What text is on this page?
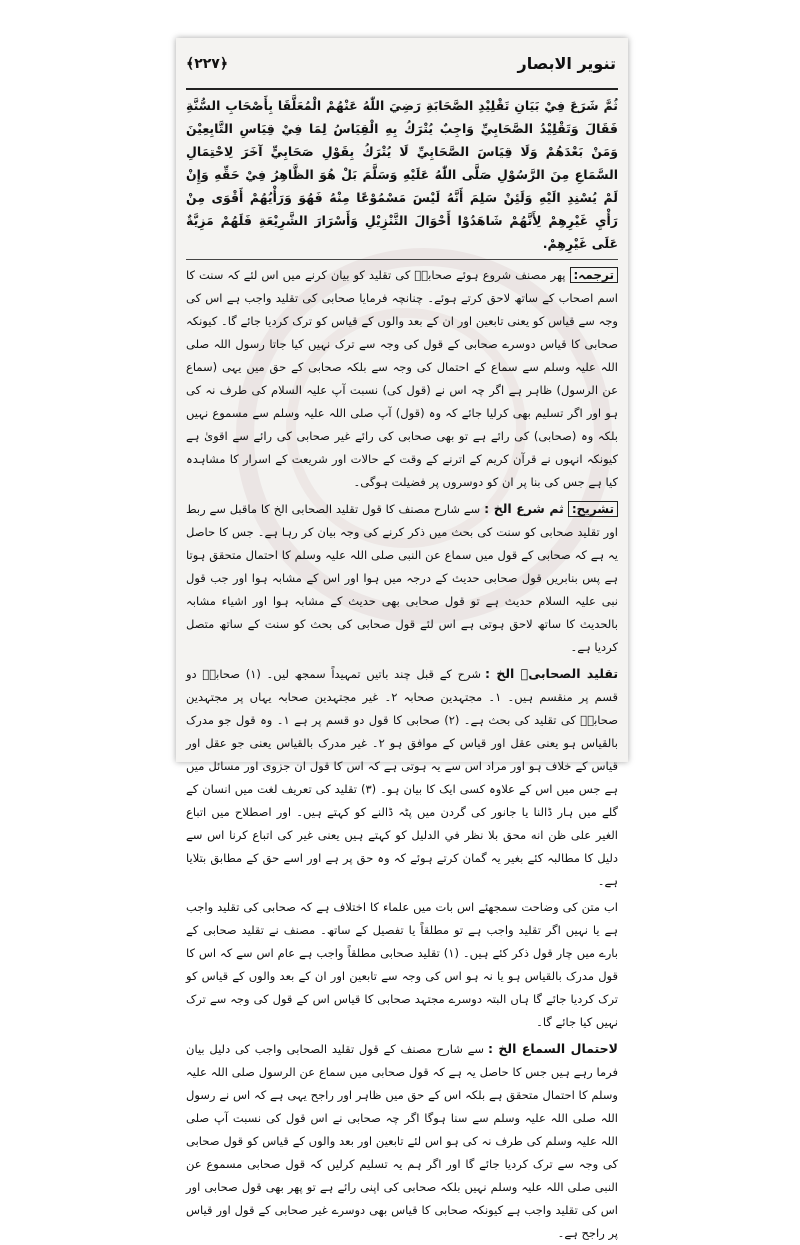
تنویر الابصار
﴾۲۲۷﴿

ثُمَّ شَرَعَ فِيْ بَيَانِ تَقْلِيْدِ الصَّحَابَةِ رَضِيَ اللّٰهُ عَنْهُمْ الْمُعَلَّقَا بِأَصْحَابِ السُّنَّةِ فَقَالَ وَتَقْلِيْدُ الصَّحَابِيِّ وَاجِبٌ يُتْرَكُ بِهِ الْقِيَاسُ لِمَا فِيْ قِيَاسِ التَّابِعِيْنَ وَمَنْ بَعْدَهُمْ وَلَا قِيَاسَ الصَّحَابِيِّ لَا يُتْرَكُ بِقَوْلِ صَحَابِيٍّ آخَرَ لِاحْتِمَالِ السَّمَاعِ مِنَ الرَّسُوْلِ صَلَّى اللّٰهُ عَلَيْهِ وَسَلَّمَ بَلْ هُوَ الظَّاهِرُ فِيْ حَقِّهِ وَإِنْ لَمْ يُسْنِدِ الَيْهِ وَلَئِنْ سَلِمَ أَنَّهُ لَيْسَ مَسْمُوْعًا مِنْهُ فَهُوَ وَرَأْيُهُمْ أَقْوَى مِنْ رَأْيِ غَيْرِهِمْ لِأَنَّهُمْ شَاهَدُوْا أَحْوَالَ التَّنْزِيْلِ وَأَسْرَارَ الشَّرِيْعَةِ فَلَهُمْ مَزِيَّةٌ عَلَى غَيْرِهِمْ.

ترجمہ:پھر مصنف شروع ہوئے صحابہؓ کی تقلید کو بیان کرنے میں اس لئے کہ سنت کا اسم اصحاب کے ساتھ لاحق کرتے ہوئے۔ چنانچہ فرمایا صحابی کی تقلید واجب ہے اس کی وجہ سے قیاس کو یعنی تابعین اور ان کے بعد والوں کے قیاس کو ترک کردیا جائے گا۔ کیونکہ صحابی کا قیاس دوسرے صحابی کے قول کی وجہ سے ترک نہیں کیا جاتا رسول اللہ صلی اللہ علیہ وسلم سے سماع کے احتمال کی وجہ سے بلکہ صحابی کے حق میں یہی (سماع عن الرسول) ظاہر ہے اگر چہ اس نے (قول کی) نسبت آپ علیہ السلام کی طرف نہ کی ہو اور اگر تسلیم بھی کرلیا جائے کہ وہ (قول) آپ صلی اللہ علیہ وسلم سے مسموع نہیں بلکہ وہ (صحابی) کی رائے ہے تو بھی صحابی کی رائے غیر صحابی کی رائے سے اقویٰ ہے کیونکہ انہوں نے قرآن کریم کے اترنے کے وقت کے حالات اور شریعت کے اسرار کا مشاہدہ کیا ہے جس کی بنا پر ان کو دوسروں پر فضیلت ہوگی۔

تشریح:ثم شرع الخ :سے شارح مصنف کا قول تقلید الصحابی الخ کا ماقبل سے ربط اور تقلید صحابی کو سنت کی بحث میں ذکر کرنے کی وجہ بیان کر رہا ہے۔ جس کا حاصل یہ ہے کہ صحابی کے قول میں سماع عن النبی صلی اللہ علیہ وسلم کا احتمال متحقق ہوتا ہے پس بنابریں قول صحابی حدیث کے درجہ میں ہوا اور اس کے مشابہ ہوا اور جب قول نبی علیہ السلام حدیث ہے تو قول صحابی بھی حدیث کے مشابہ ہوا اور اشیاء مشابہ بالحدیث کا ساتھ لاحق ہوتی ہے اس لئے قول صحابی کی بحث کو سنت کے ساتھ متصل کردیا ہے۔

تقلید الصحابیؓ الخ :شرح کے قبل چند باتیں تمہیداً سمجھ لیں۔ (۱) صحابہؓ دو قسم پر منقسم ہیں۔ ۱۔ مجتہدین صحابہ ۲۔ غیر مجتہدین صحابہ یہاں پر مجتہدین صحابہؓ کی تقلید کی بحث ہے۔ (۲) صحابی کا قول دو قسم پر ہے ۱۔ وہ قول جو مدرک بالقیاس ہو یعنی عقل اور قیاس کے موافق ہو ۲۔ غیر مدرک بالقیاس یعنی جو عقل اور قیاس کے خلاف ہو اور مراد اس سے یہ ہوتی ہے کہ اس کا قول ان جزوی اور مسائل میں ہے جس میں اس کے علاوہ کسی ایک کا بیان ہو۔ (۳) تقلید کی تعریف لغت میں انسان کے گلے میں ہار ڈالنا یا جانور کی گردن میں پٹہ ڈالنے کو کہتے ہیں۔ اور اصطلاح میں اتباع الغیر على ظن انه محق بلا نظر في الدليل کو کہتے ہیں یعنی غیر کی اتباع کرنا اس سے دلیل کا مطالبہ کئے بغیر یہ گمان کرتے ہوئے کہ وہ حق پر ہے اور اسے حق کے مطابق بتلایا ہے۔

اب متن کی وضاحت سمجھئے اس بات میں علماء کا اختلاف ہے کہ صحابی کی تقلید واجب ہے یا نہیں اگر تقلید واجب ہے تو مطلقاً یا تفصیل کے ساتھ۔ مصنف نے تقلید صحابی کے بارے میں چار قول ذکر کئے ہیں۔ (۱) تقلید صحابی مطلقاً واجب ہے عام اس سے کہ اس کا قول مدرک بالقیاس ہو یا نہ ہو اس کی وجہ سے تابعین اور ان کے بعد والوں کے قیاس کو ترک کردیا جائے گا ہاں البتہ دوسرے مجتہد صحابی کا قیاس اس کے قول کی وجہ سے ترک نہیں کیا جائے گا۔

لاحتمال السماع الخ :سے شارح مصنف کے قول تقلید الصحابی واجب کی دلیل بیان فرما رہے ہیں جس کا حاصل یہ ہے کہ قول صحابی میں سماع عن الرسول صلی اللہ علیہ وسلم کا احتمال متحقق ہے بلکہ اس کے حق میں ظاہر اور راجح یہی ہے کہ اس نے رسول اللہ صلی اللہ علیہ وسلم سے سنا ہوگا اگر چہ صحابی نے اس قول کی نسبت آپ صلی اللہ علیہ وسلم کی طرف نہ کی ہو اس لئے تابعین اور بعد والوں کے قیاس کو قول صحابی کی وجہ سے ترک کردیا جائے گا اور اگر ہم یہ تسلیم کرلیں کہ قول صحابی مسموع عن النبی صلی اللہ علیہ وسلم نہیں بلکہ صحابی کی اپنی رائے ہے تو پھر بھی قول صحابی اور اس کی تقلید واجب ہے کیونکہ صحابی کا قیاس بھی دوسرے غیر صحابی کے قول اور قیاس پر راجح ہے۔
